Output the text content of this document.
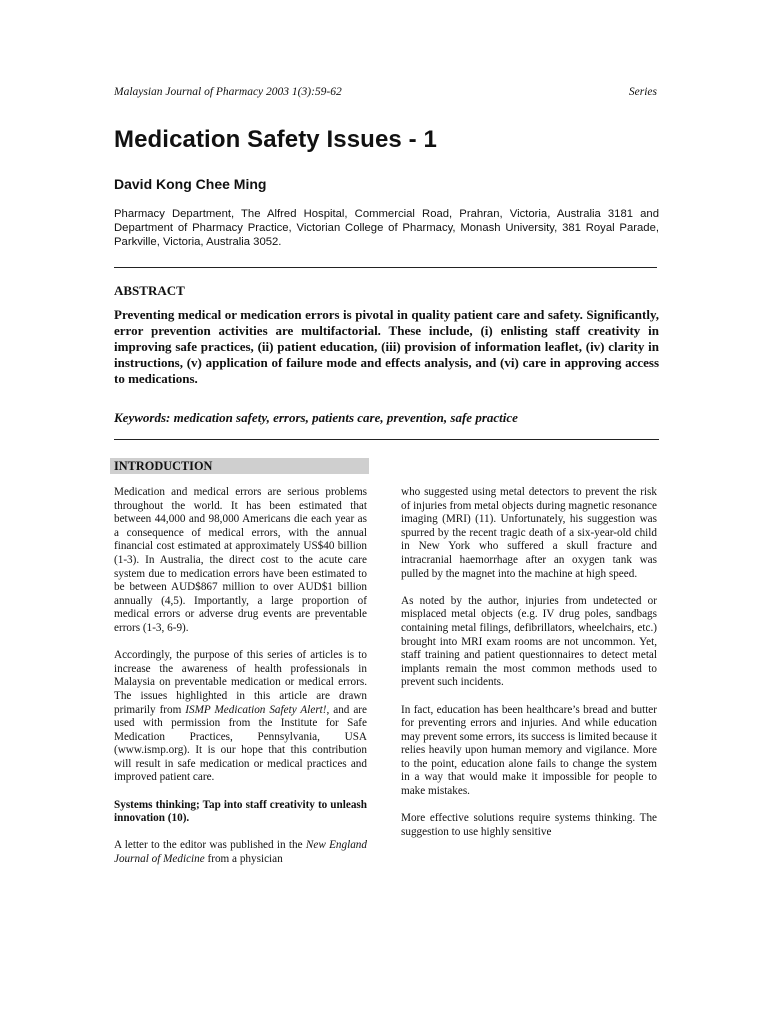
Malaysian Journal of Pharmacy 2003 1(3):59-62	Series
Medication Safety Issues - 1
David Kong Chee Ming
Pharmacy Department, The Alfred Hospital, Commercial Road, Prahran, Victoria, Australia 3181 and Department of Pharmacy Practice, Victorian College of Pharmacy, Monash University, 381 Royal Parade, Parkville, Victoria, Australia 3052.
ABSTRACT
Preventing medical or medication errors is pivotal in quality patient care and safety. Significantly, error prevention activities are multifactorial. These include, (i) enlisting staff creativity in improving safe practices, (ii) patient education, (iii) provision of information leaflet, (iv) clarity in instructions, (v) application of failure mode and effects analysis, and (vi) care in approving access to medications.
Keywords: medication safety, errors, patients care, prevention, safe practice
INTRODUCTION

Medication and medical errors are serious problems throughout the world. It has been estimated that between 44,000 and 98,000 Americans die each year as a consequence of medical errors, with the annual financial cost estimated at approximately US$40 billion (1-3). In Australia, the direct cost to the acute care system due to medication errors have been estimated to be between AUD$867 million to over AUD$1 billion annually (4,5). Importantly, a large proportion of medical errors or adverse drug events are preventable errors (1-3, 6-9).

Accordingly, the purpose of this series of articles is to increase the awareness of health professionals in Malaysia on preventable medication or medical errors. The issues highlighted in this article are drawn primarily from ISMP Medication Safety Alert!, and are used with permission from the Institute for Safe Medication Practices, Pennsylvania, USA (www.ismp.org). It is our hope that this contribution will result in safe medication or medical practices and improved patient care.

Systems thinking; Tap into staff creativity to unleash innovation (10).

A letter to the editor was published in the New England Journal of Medicine from a physician

who suggested using metal detectors to prevent the risk of injuries from metal objects during magnetic resonance imaging (MRI) (11). Unfortunately, his suggestion was spurred by the recent tragic death of a six-year-old child in New York who suffered a skull fracture and intracranial haemorrhage after an oxygen tank was pulled by the magnet into the machine at high speed.

As noted by the author, injuries from undetected or misplaced metal objects (e.g. IV drug poles, sandbags containing metal filings, defibrillators, wheelchairs, etc.) brought into MRI exam rooms are not uncommon. Yet, staff training and patient questionnaires to detect metal implants remain the most common methods used to prevent such incidents.

In fact, education has been healthcare’s bread and butter for preventing errors and injuries. And while education may prevent some errors, its success is limited because it relies heavily upon human memory and vigilance. More to the point, education alone fails to change the system in a way that would make it impossible for people to make mistakes.

More effective solutions require systems thinking. The suggestion to use highly sensitive
